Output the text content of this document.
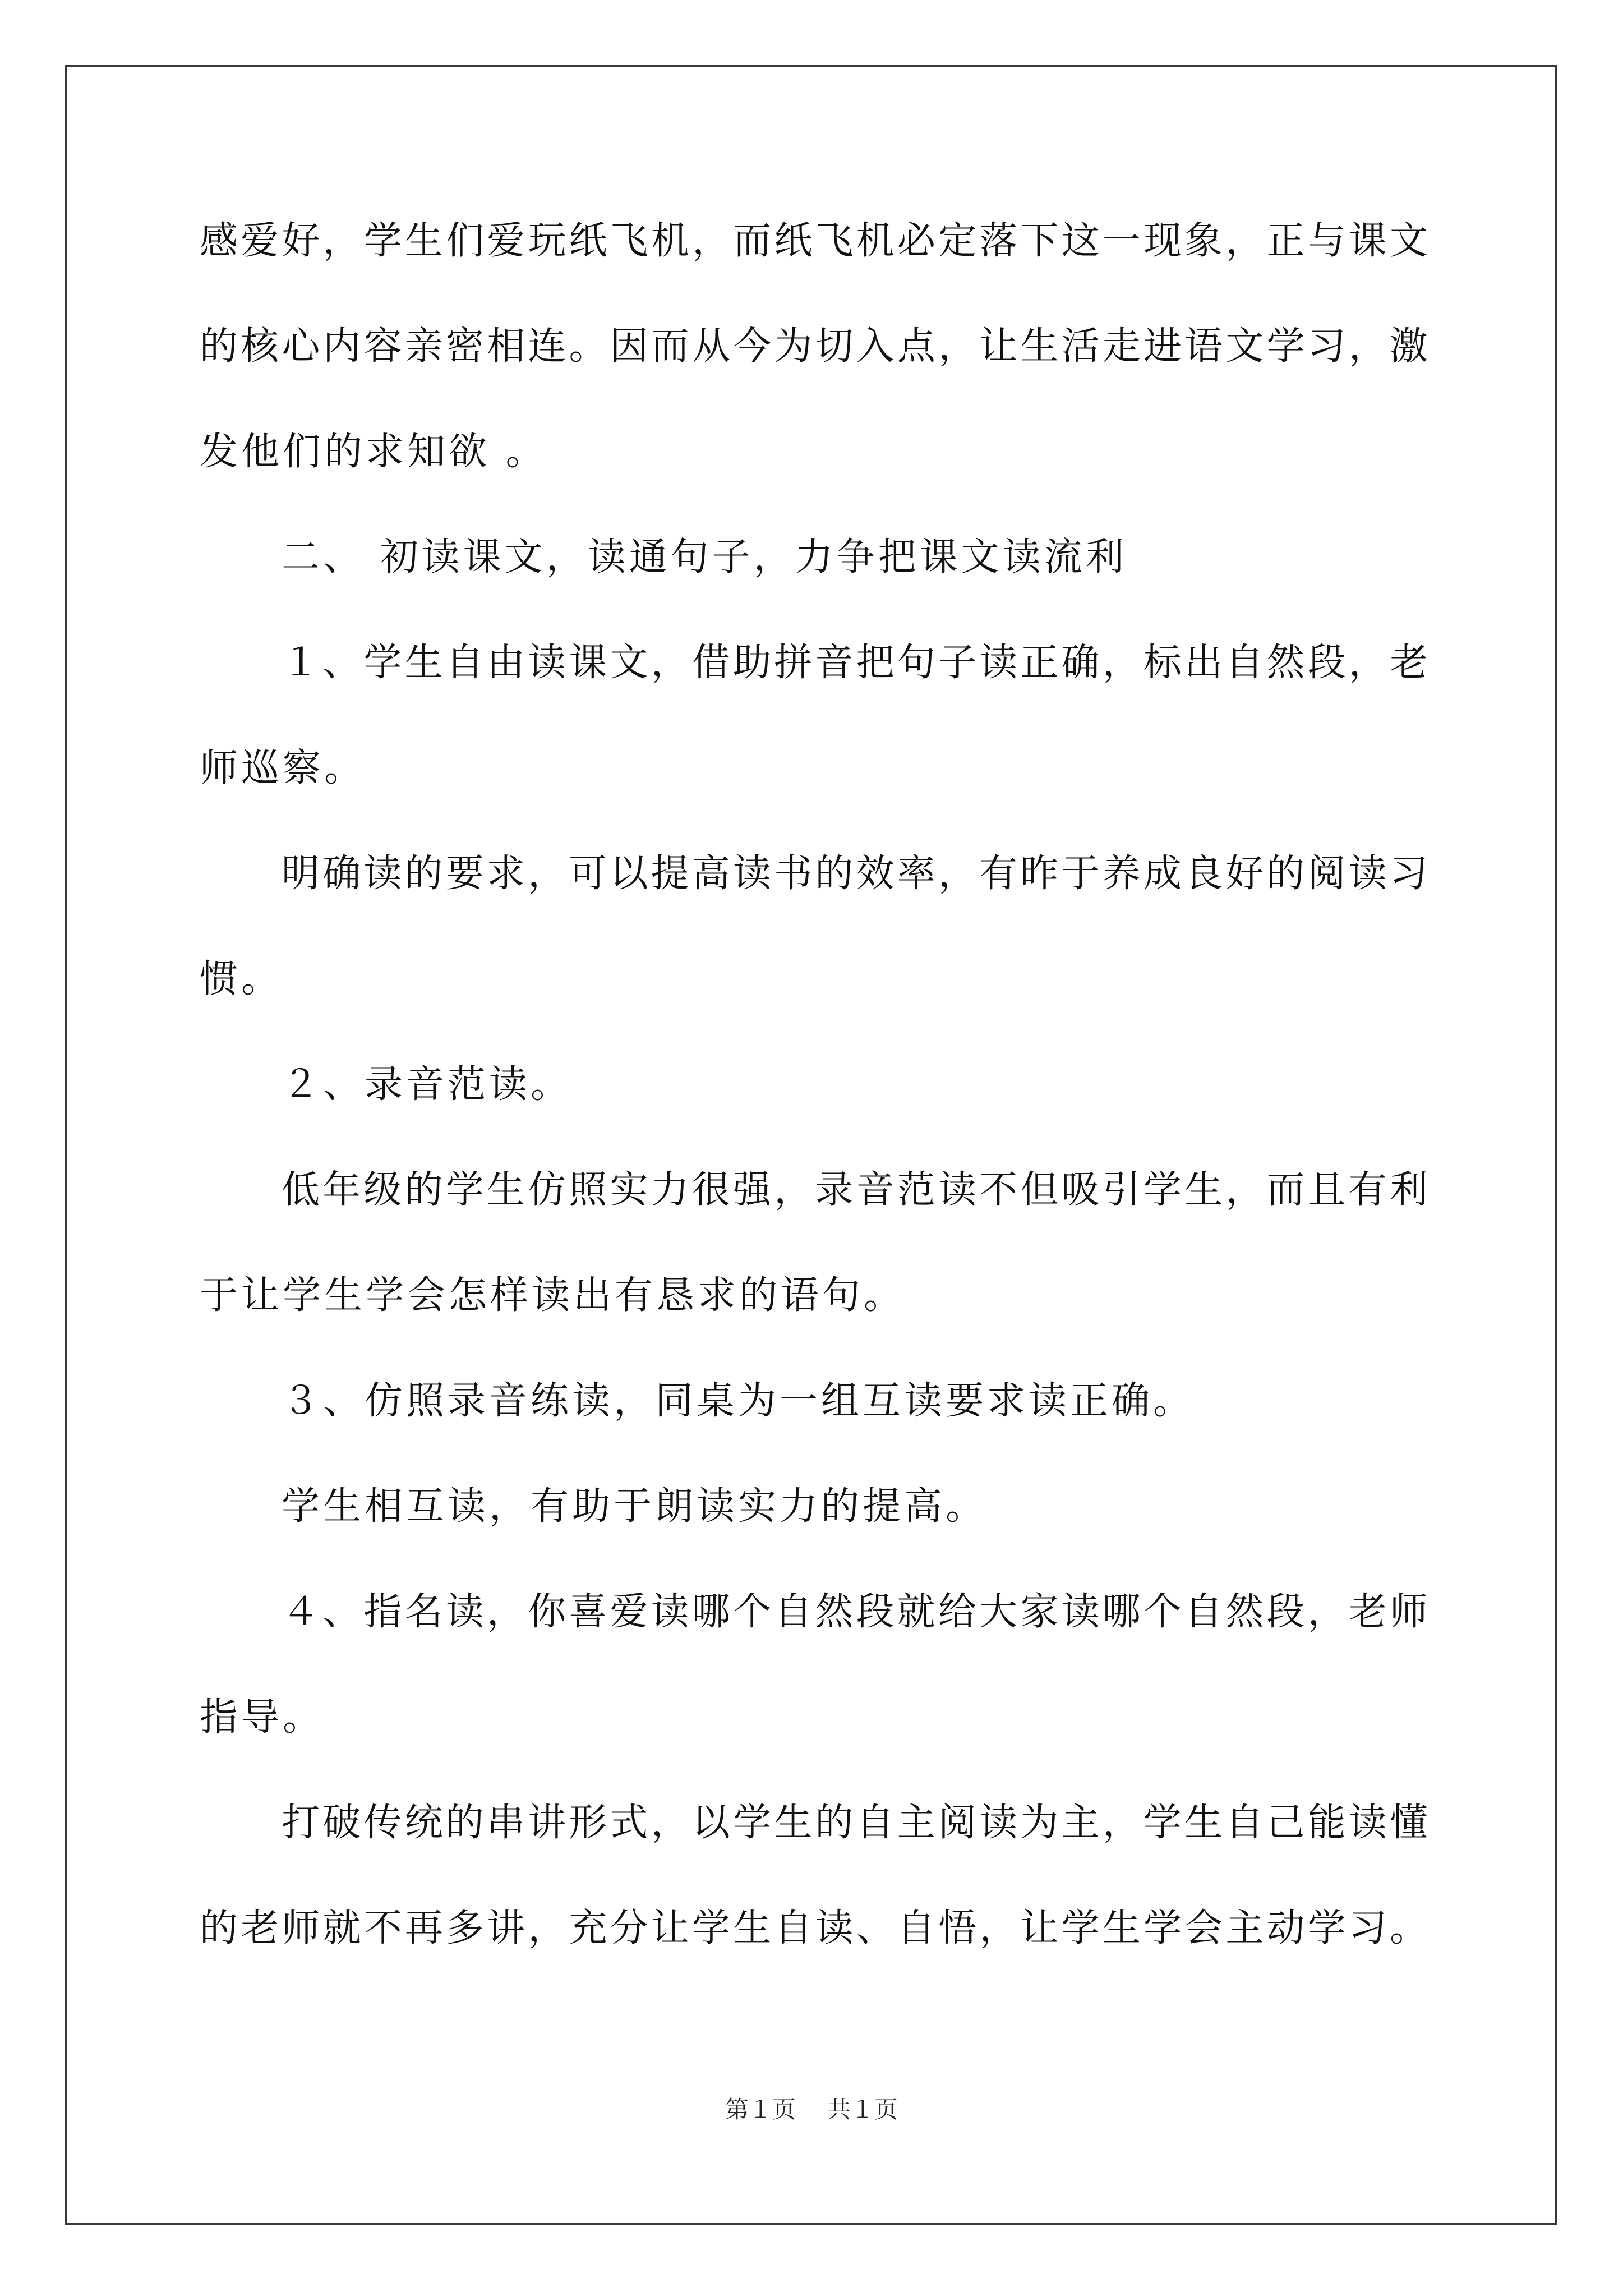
感爱好，学生们爱玩纸飞机，而纸飞机必定落下这一现象，正与课文
的核心内容亲密相连。因而从今为切入点，让生活走进语文学习，激
发他们的求知欲 。
二、 初读课文，读通句子，力争把课文读流利
１、学生自由读课文，借助拼音把句子读正确，标出自然段，老
师巡察。
明确读的要求，可以提高读书的效率，有昨于养成良好的阅读习
惯。
２、录音范读。
低年级的学生仿照实力很强，录音范读不但吸引学生，而且有利
于让学生学会怎样读出有恳求的语句。
３、仿照录音练读，同桌为一组互读要求读正确。
学生相互读，有助于朗读实力的提高。
４、指名读，你喜爱读哪个自然段就给大家读哪个自然段，老师
指导。
打破传统的串讲形式，以学生的自主阅读为主，学生自己能读懂
的老师就不再多讲，充分让学生自读、自悟，让学生学会主动学习。
第１页 共１页
